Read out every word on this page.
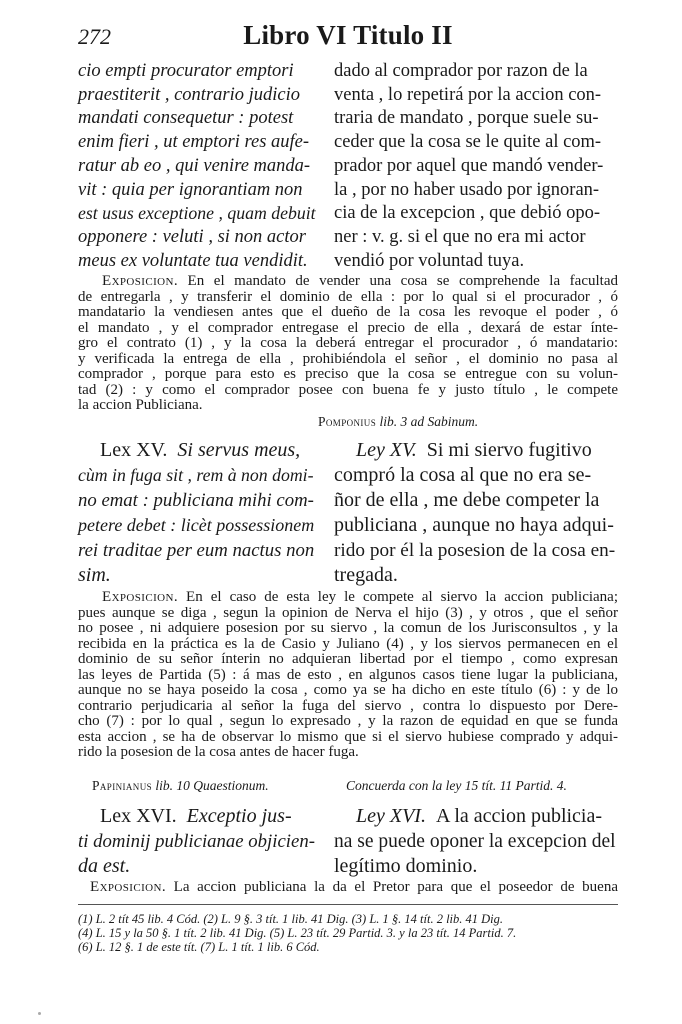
272	Libro VI Titulo II
cio empti procurator emptori
praestiterit , contrario judicio
mandati consequetur : potest
enim fieri , ut emptori res aufe-
ratur ab eo , qui venire manda-
vit : quia per ignorantiam non
est usus exceptione , quam debuit
opponere : veluti , si non actor
meus ex voluntate tua vendidit.
dado al comprador por razon de la
venta , lo repetirá por la accion con-
traria de mandato , porque suele su-
ceder que la cosa se le quite al com-
prador por aquel que mandó vender-
la , por no haber usado por ignoran-
cia de la excepcion , que debió opo-
ner : v. g. si el que no era mi actor
vendió por voluntad tuya.
Exposicion. En el mandato de vender una cosa se comprehende la facultad
de entregarla , y transferir el dominio de ella : por lo qual si el procurador , ó
mandatario la vendiesen antes que el dueño de la cosa les revoque el poder , ó
el mandato , y el comprador entregase el precio de ella , dexará de estar ínte-
gro el contrato (1) , y la cosa la deberá entregar el procurador , ó mandatario:
y verificada la entrega de ella , prohibiéndola el señor , el dominio no pasa al
comprador , porque para esto es preciso que la cosa se entregue con su volun-
tad (2) : y como el comprador posee con buena fe y justo título , le compete
la accion Publiciana.
Pomponius lib. 3 ad Sabinum.
Lex XV. Si servus meus,
cùm in fuga sit , rem à non domi-
no emat : publiciana mihi com-
petere debet : licèt possessionem
rei traditae per eum nactus non
sim.
Ley XV. Si mi siervo fugitivo
compró la cosa al que no era se-
ñor de ella , me debe competer la
publiciana , aunque no haya adqui-
rido por él la posesion de la cosa en-
tregada.
Exposicion. En el caso de esta ley le compete al siervo la accion publiciana;
pues aunque se diga , segun la opinion de Nerva el hijo (3) , y otros , que el señor
no posee , ni adquiere posesion por su siervo , la comun de los Jurisconsultos , y la
recibida en la práctica es la de Casio y Juliano (4) , y los siervos permanecen en el
dominio de su señor ínterin no adquieran libertad por el tiempo , como expresan
las leyes de Partida (5) : á mas de esto , en algunos casos tiene lugar la publiciana,
aunque no se haya poseido la cosa , como ya se ha dicho en este título (6) : y de lo
contrario perjudicaria al señor la fuga del siervo , contra lo dispuesto por Dere-
cho (7) : por lo qual , segun lo expresado , y la razon de equidad en que se funda
esta accion , se ha de observar lo mismo que si el siervo hubiese comprado y adqui-
rido la posesion de la cosa antes de hacer fuga.
Papinianus lib. 10 Quaestionum.	Concuerda con la ley 15 tít. 11 Partid. 4.
Lex XVI. Exceptio jus-
ti dominij publicianae objicien-
da est.
Ley XVI. A la accion publicia-
na se puede oponer la excepcion del
legítimo dominio.
Exposicion. La accion publiciana la da el Pretor para que el poseedor de buena
(1) L. 2 tít 45 lib. 4 Cód. (2) L. 9 §. 3 tít. 1 lib. 41 Dig. (3) L. 1 §. 14 tít. 2 lib. 41 Dig.
(4) L. 15 y la 50 §. 1 tít. 2 lib. 41 Dig. (5) L. 23 tít. 29 Partid. 3. y la 23 tít. 14 Partid. 7.
(6) L. 12 §. 1 de este tít. (7) L. 1 tít. 1 lib. 6 Cód.
